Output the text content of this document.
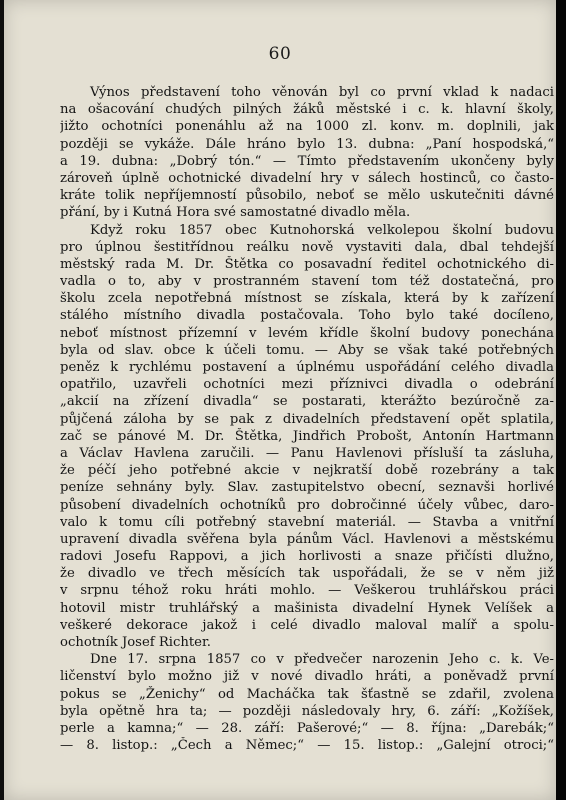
60
Výnos představení toho věnován byl co první vklad k nadaci
na ošacování chudých pilných žáků městské i c. k. hlavní školy,
jižto ochotníci ponenáhlu až na 1000 zl. konv. m. doplnili, jak
později se vykáže. Dále hráno bylo 13. dubna: „Paní hospodská,“
a 19. dubna: „Dobrý tón.“ — Tímto představením ukončeny byly
zároveň úplně ochotnické divadelní hry v sálech hostinců, co často-
kráte tolik nepříjemností působilo, neboť se mělo uskutečniti dávné
přání, by i Kutná Hora své samostatné divadlo měla.
Když roku 1857 obec Kutnohorská velkolepou školní budovu
pro úplnou šestitřídnou reálku nově vystaviti dala, dbal tehdejší
městský rada M. Dr. Štětka co posavadní ředitel ochotnického di-
vadla o to, aby v prostranném stavení tom též dostatečná, pro
školu zcela nepotřebná místnost se získala, která by k zařízení
stálého místního divadla postačovala. Toho bylo také docíleno,
neboť místnost přízemní v levém křídle školní budovy ponechána
byla od slav. obce k účeli tomu. — Aby se však také potřebných
peněz k rychlému postavení a úplnému uspořádání celého divadla
opatřilo, uzavřeli ochotníci mezi příznivci divadla o odebrání
„akcií na zřízení divadla“ se postarati, kterážto bezúročně za-
půjčená záloha by se pak z divadelních představení opět splatila,
zač se pánové M. Dr. Štětka, Jindřich Probošt, Antonín Hartmann
a Václav Havlena zaručili. — Panu Havlenovi přísluší ta zásluha,
že péčí jeho potřebné akcie v nejkratší době rozebrány a tak
peníze sehnány byly. Slav. zastupitelstvo obecní, seznavši horlivé
působení divadelních ochotníků pro dobročinné účely vůbec, daro-
valo k tomu cíli potřebný stavební materiál. — Stavba a vnitřní
upravení divadla svěřena byla pánům Václ. Havlenovi a městskému
radovi Josefu Rappovi, a jich horlivosti a snaze přičísti dlužno,
že divadlo ve třech měsících tak uspořádali, že se v něm již
v srpnu téhož roku hráti mohlo. — Veškerou truhlářskou práci
hotovil mistr truhlářský a mašinista divadelní Hynek Velíšek a
veškeré dekorace jakož i celé divadlo maloval malíř a spolu-
ochotník Josef Richter.
Dne 17. srpna 1857 co v předvečer narozenin Jeho c. k. Ve-
ličenství bylo možno již v nové divadlo hráti, a poněvadž první
pokus se „Ženichy“ od Macháčka tak šťastně se zdařil, zvolena
byla opětně hra ta; — později následovaly hry, 6. září: „Kožíšek,
perle a kamna;“ — 28. září: Pašerové;“ — 8. října: „Darebák;“
— 8. listop.: „Čech a Němec;“ — 15. listop.: „Galejní otroci;“
